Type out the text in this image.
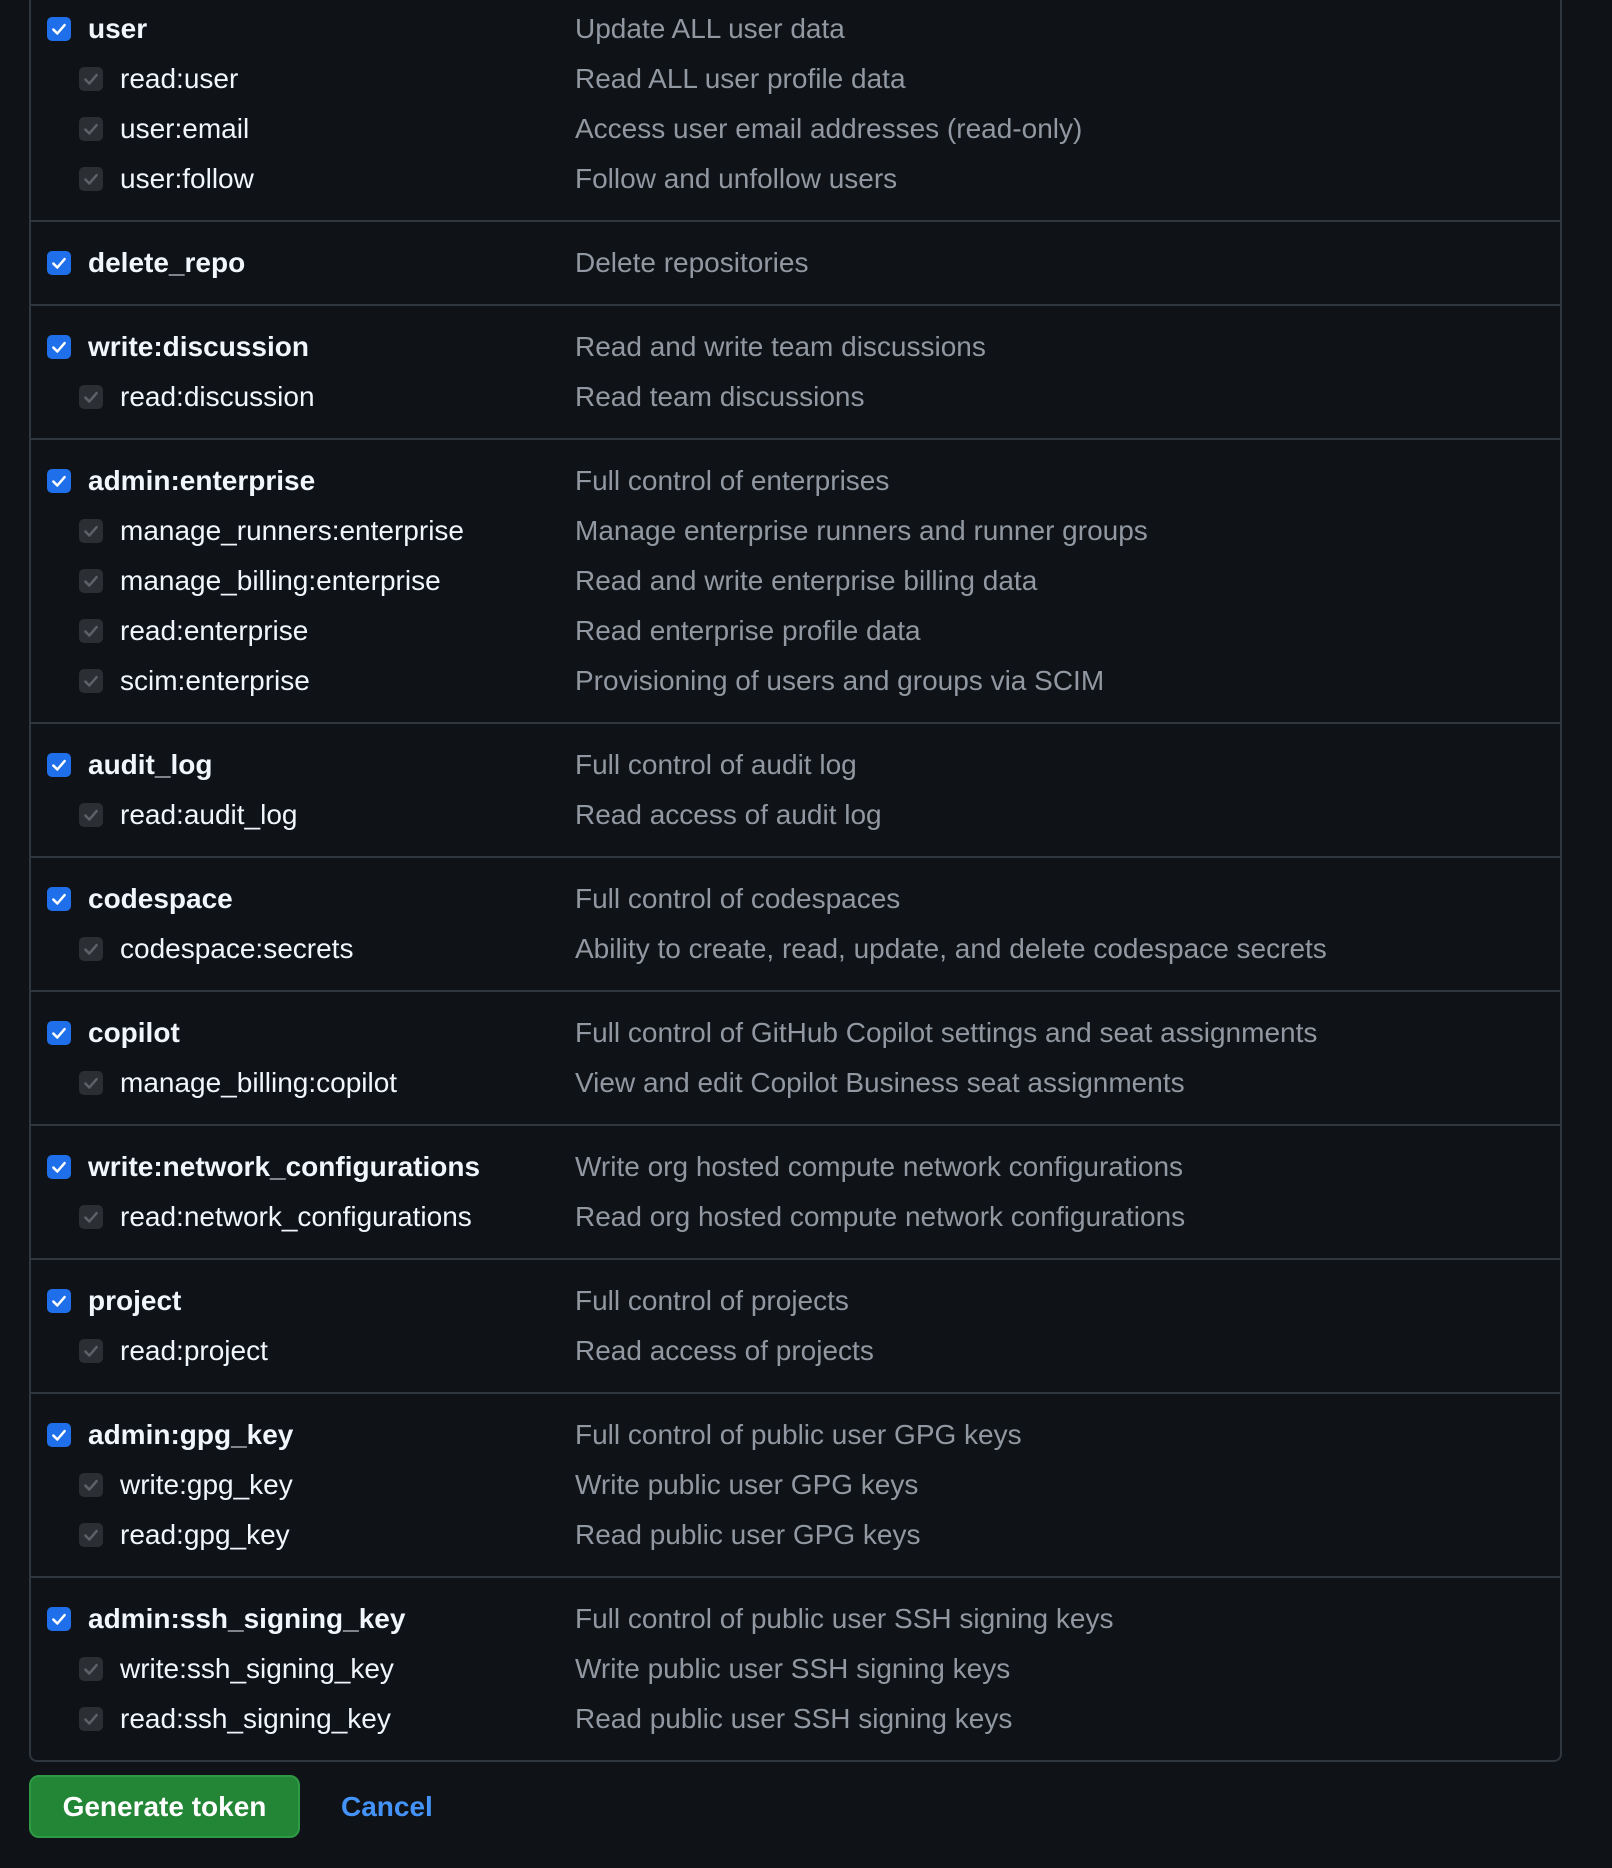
user	Update ALL user data
read:user	Read ALL user profile data
user:email	Access user email addresses (read-only)
user:follow	Follow and unfollow users
delete_repo	Delete repositories
write:discussion	Read and write team discussions
read:discussion	Read team discussions
admin:enterprise	Full control of enterprises
manage_runners:enterprise	Manage enterprise runners and runner groups
manage_billing:enterprise	Read and write enterprise billing data
read:enterprise	Read enterprise profile data
scim:enterprise	Provisioning of users and groups via SCIM
audit_log	Full control of audit log
read:audit_log	Read access of audit log
codespace	Full control of codespaces
codespace:secrets	Ability to create, read, update, and delete codespace secrets
copilot	Full control of GitHub Copilot settings and seat assignments
manage_billing:copilot	View and edit Copilot Business seat assignments
write:network_configurations	Write org hosted compute network configurations
read:network_configurations	Read org hosted compute network configurations
project	Full control of projects
read:project	Read access of projects
admin:gpg_key	Full control of public user GPG keys
write:gpg_key	Write public user GPG keys
read:gpg_key	Read public user GPG keys
admin:ssh_signing_key	Full control of public user SSH signing keys
write:ssh_signing_key	Write public user SSH signing keys
read:ssh_signing_key	Read public user SSH signing keys
Generate token	Cancel
